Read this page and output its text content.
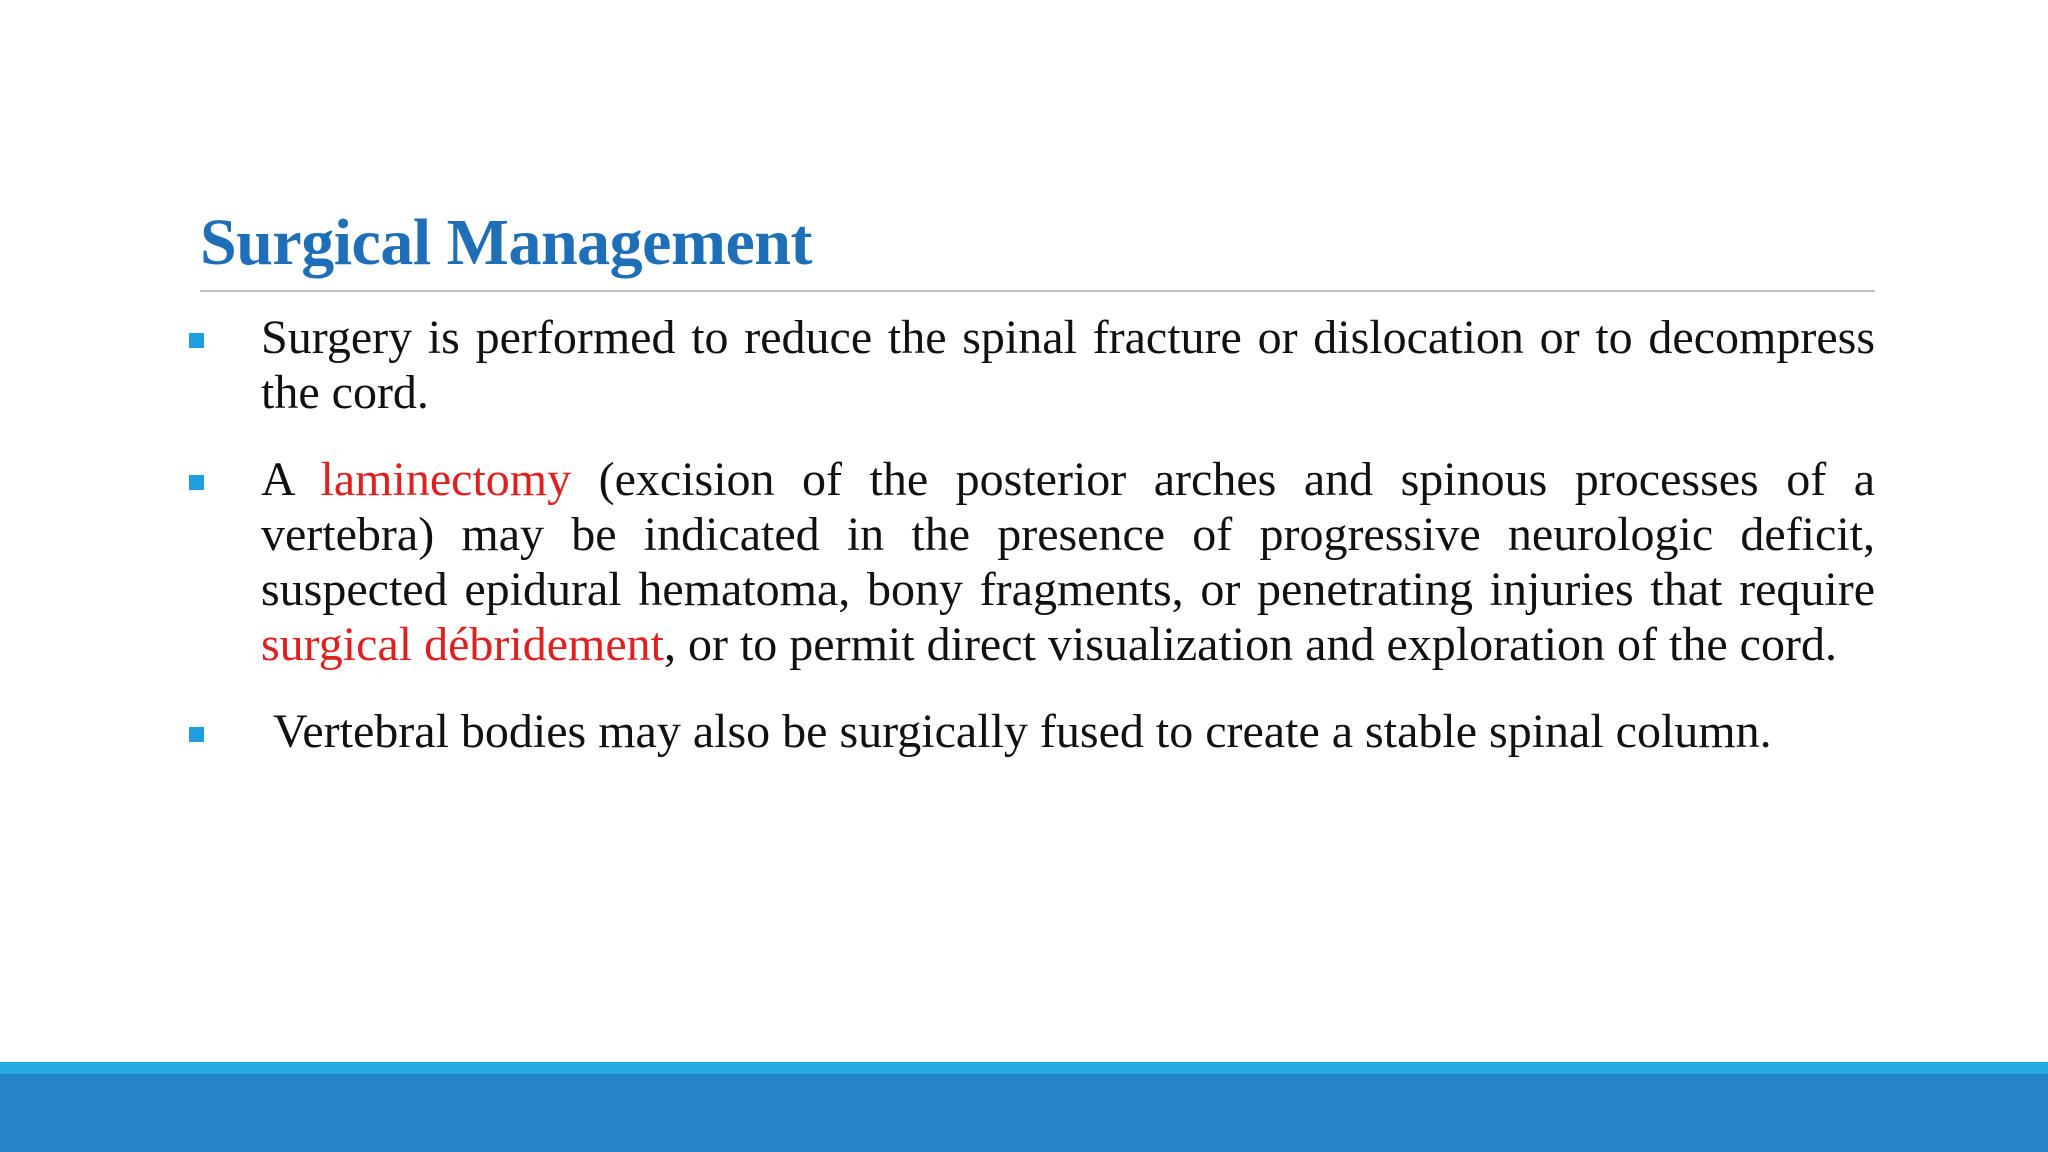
Surgical Management
Surgery is performed to reduce the spinal fracture or dislocation or to decompress the cord.
A laminectomy (excision of the posterior arches and spinous processes of a vertebra) may be indicated in the presence of progressive neurologic deficit, suspected epidural hematoma, bony fragments, or penetrating injuries that require surgical débridement, or to permit direct visualization and exploration of the cord.
Vertebral bodies may also be surgically fused to create a stable spinal column.
